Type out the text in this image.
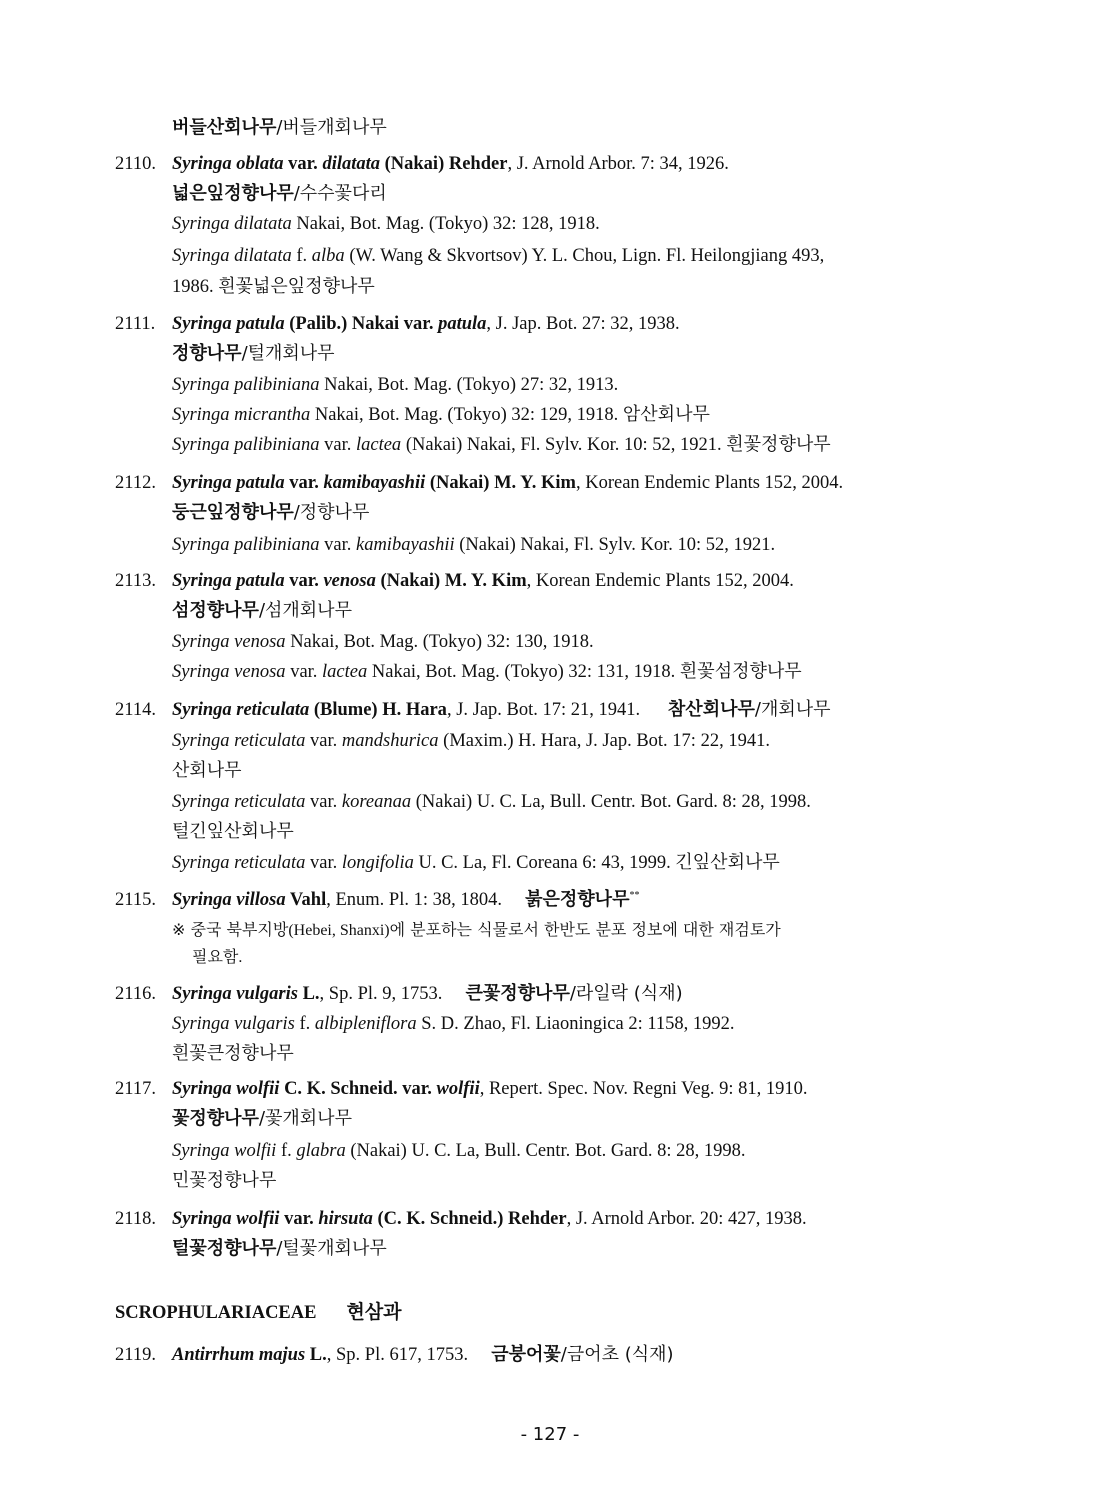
버들산회나무/버들개회나무
2110. Syringa oblata var. dilatata (Nakai) Rehder, J. Arnold Arbor. 7: 34, 1926.
넓은잎정향나무/수수꽃다리
Syringa dilatata Nakai, Bot. Mag. (Tokyo) 32: 128, 1918.
Syringa dilatata f. alba (W. Wang & Skvortsov) Y. L. Chou, Lign. Fl. Heilongjiang 493,
1986. 흰꽃넓은잎정향나무
2111. Syringa patula (Palib.) Nakai var. patula, J. Jap. Bot. 27: 32, 1938.
정향나무/털개회나무
Syringa palibiniana Nakai, Bot. Mag. (Tokyo) 27: 32, 1913.
Syringa micrantha Nakai, Bot. Mag. (Tokyo) 32: 129, 1918. 암산회나무
Syringa palibiniana var. lactea (Nakai) Nakai, Fl. Sylv. Kor. 10: 52, 1921. 흰꽃정향나무
2112. Syringa patula var. kamibayashii (Nakai) M. Y. Kim, Korean Endemic Plants 152, 2004.
둥근잎정향나무/정향나무
Syringa palibiniana var. kamibayashii (Nakai) Nakai, Fl. Sylv. Kor. 10: 52, 1921.
2113. Syringa patula var. venosa (Nakai) M. Y. Kim, Korean Endemic Plants 152, 2004.
섬정향나무/섬개회나무
Syringa venosa Nakai, Bot. Mag. (Tokyo) 32: 130, 1918.
Syringa venosa var. lactea Nakai, Bot. Mag. (Tokyo) 32: 131, 1918. 흰꽃섬정향나무
2114. Syringa reticulata (Blume) H. Hara, J. Jap. Bot. 17: 21, 1941.      참산회나무/개회나무
Syringa reticulata var. mandshurica (Maxim.) H. Hara, J. Jap. Bot. 17: 22, 1941.
산회나무
Syringa reticulata var. koreanaa (Nakai) U. C. La, Bull. Centr. Bot. Gard. 8: 28, 1998.
털긴잎산회나무
Syringa reticulata var. longifolia U. C. La, Fl. Coreana 6: 43, 1999. 긴잎산회나무
2115. Syringa villosa Vahl, Enum. Pl. 1: 38, 1804.     붉은정향나무**
※ 중국 북부지방(Hebei, Shanxi)에 분포하는 식물로서 한반도 분포 정보에 대한 재검토가
필요함.
2116. Syringa vulgaris L., Sp. Pl. 9, 1753.     큰꽃정향나무/라일락 (식재)
Syringa vulgaris f. albipleniflora S. D. Zhao, Fl. Liaoningica 2: 1158, 1992.
흰꽃큰정향나무
2117. Syringa wolfii C. K. Schneid. var. wolfii, Repert. Spec. Nov. Regni Veg. 9: 81, 1910.
꽃정향나무/꽃개회나무
Syringa wolfii f. glabra (Nakai) U. C. La, Bull. Centr. Bot. Gard. 8: 28, 1998.
민꽃정향나무
2118. Syringa wolfii var. hirsuta (C. K. Schneid.) Rehder, J. Arnold Arbor. 20: 427, 1938.
털꽃정향나무/털꽃개회나무
SCROPHULARIACEAE 현삼과
2119. Antirrhum majus L., Sp. Pl. 617, 1753.     금붕어꽃/금어초 (식재)
- 127 -
